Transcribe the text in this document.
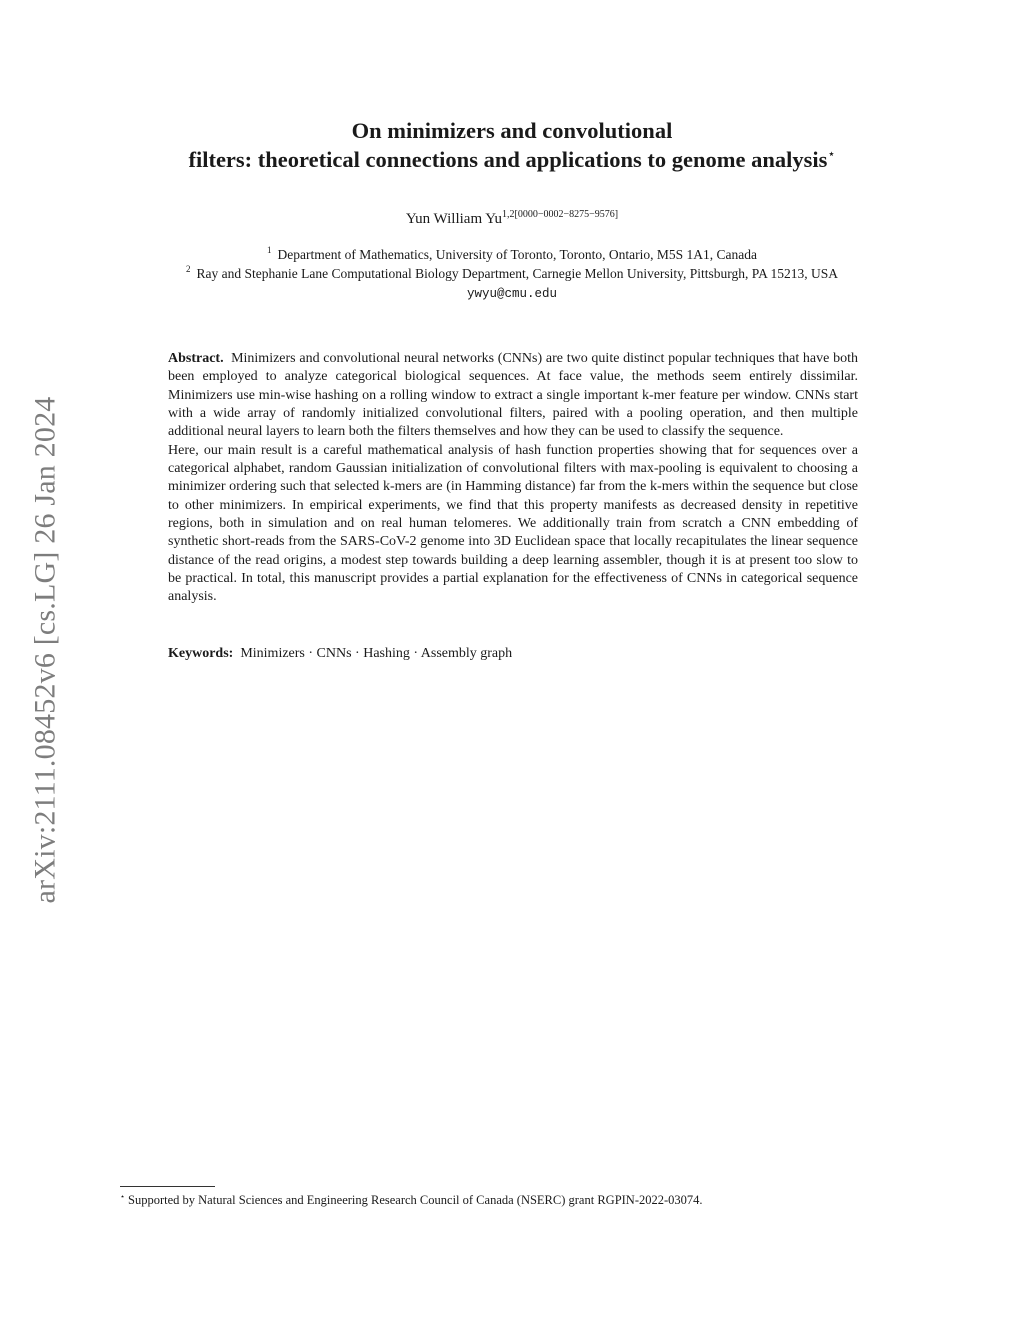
arXiv:2111.08452v6 [cs.LG] 26 Jan 2024
On minimizers and convolutional
filters: theoretical connections and applications to genome analysis⋆
Yun William $Yu^{1,2[0000-0002-8275-9576]}$
$^1$ Department of Mathematics, University of Toronto, Toronto, Ontario, M5S 1A1, Canada
$^2$ Ray and Stephanie Lane Computational Biology Department, Carnegie Mellon University, Pittsburgh, PA 15213, USA
ywyu@cmu.edu

Abstract. Minimizers and convolutional neural networks (CNNs) are two quite distinct popular techniques that have both been employed to analyze categorical biological sequences. At face value, the methods seem entirely dissimilar. Minimizers use min-wise hashing on a rolling window to extract a single important k-mer feature per window. CNNs start with a wide array of randomly initialized convolutional filters, paired with a pooling operation, and then multiple additional neural layers to learn both the filters themselves and how they can be used to classify the sequence.

Here, our main result is a careful mathematical analysis of hash function properties showing that for sequences over a categorical alphabet, random Gaussian initialization of convolutional filters with max-pooling is equivalent to choosing a minimizer ordering such that selected k-mers are (in Hamming distance) far from the k-mers within the sequence but close to other minimizers. In empirical experiments, we find that this property manifests as decreased density in repetitive regions, both in simulation and on real human telomeres. We additionally train from scratch a CNN embedding of synthetic short-reads from the SARS-CoV-2 genome into 3D Euclidean space that locally recapitulates the linear sequence distance of the read origins, a modest step towards building a deep learning assembler, though it is at present too slow to be practical. In total, this manuscript provides a partial explanation for the effectiveness of CNNs in categorical sequence analysis.

Keywords: Minimizers · CNNs · Hashing · Assembly graph
⋆ Supported by Natural Sciences and Engineering Research Council of Canada (NSERC) grant RGPIN-2022-03074.
